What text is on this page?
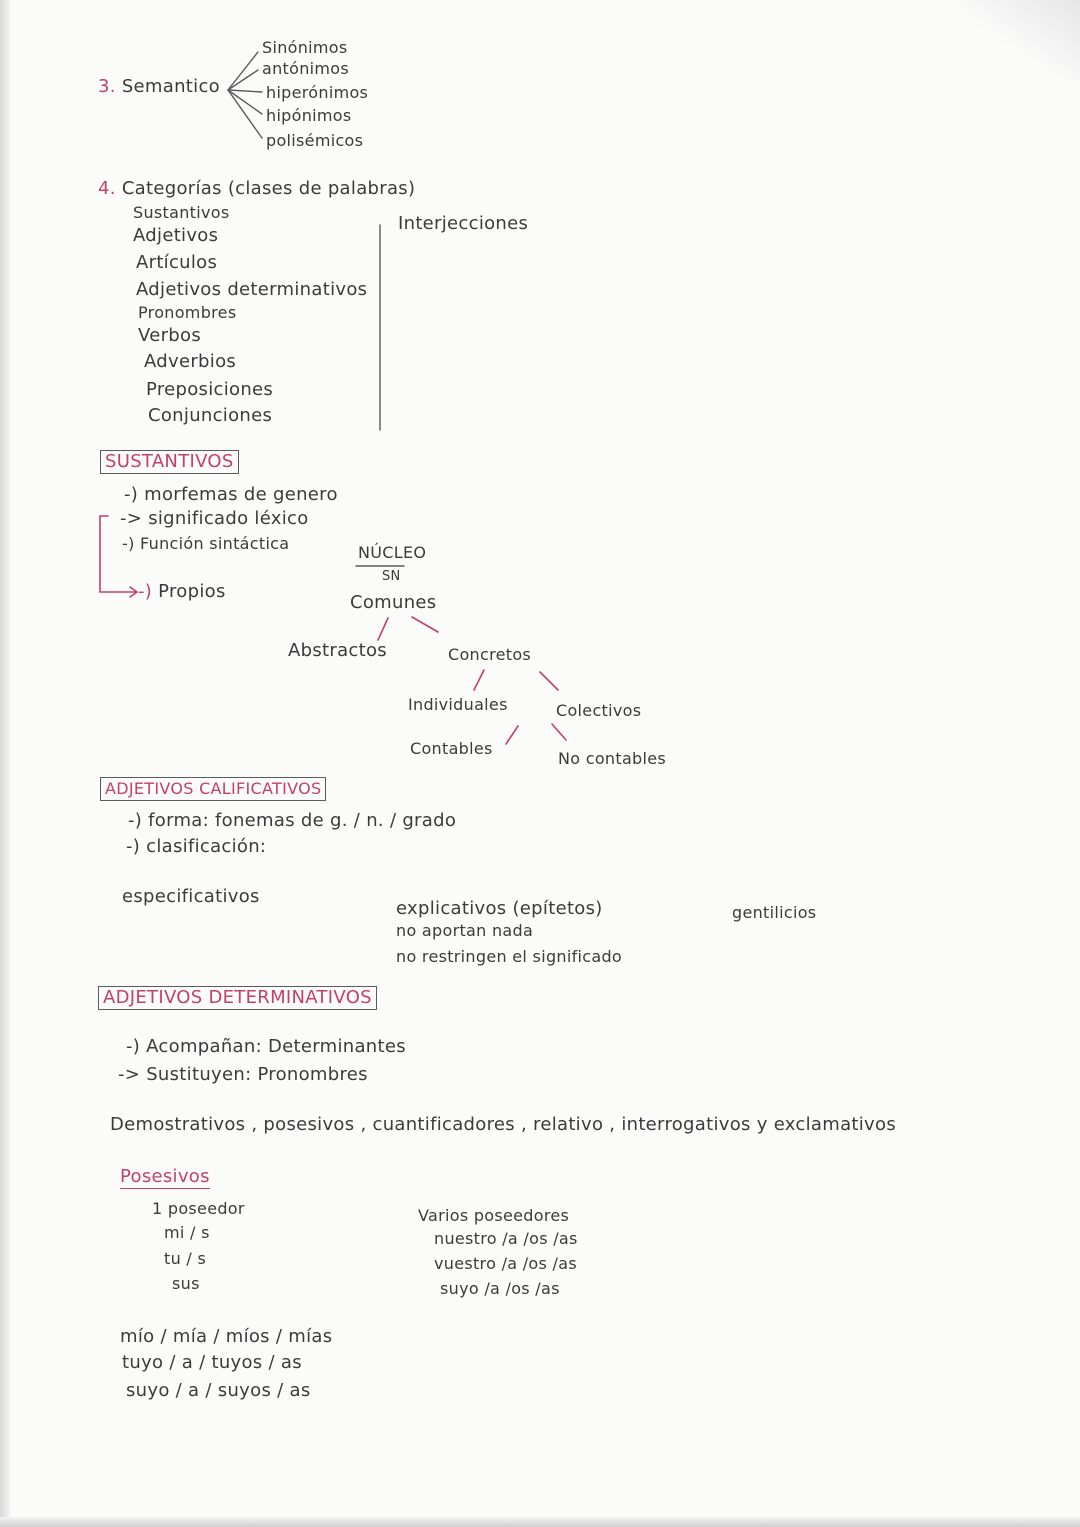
3. Semantico
Sinónimos
antónimos
hiperónimos
hipónimos
polisémicos
4. Categorías (clases de palabras)
Sustantivos
Adjetivos
Artículos
Adjetivos determinativos
Pronombres
Verbos
Adverbios
Preposiciones
Conjunciones
Interjecciones
SUSTANTIVOS
-) morfemas de genero
-> significado léxico
-) Función sintáctica	NÚCLEO
SN
-) Propios
Comunes
Abstractos	Concretos
Individuales	Colectivos
Contables
No contables
ADJETIVOS CALIFICATIVOS
-) forma: fonemas de g. / n. / grado
-) clasificación:
especificativos
explicativos (epítetos)
no aportan nada
no restringen el significado
gentilicios
ADJETIVOS DETERMINATIVOS
-) Acompañan: Determinantes
-> Sustituyen: Pronombres
Demostrativos , posesivos , cuantificadores , relativo , interrogativos y exclamativos
Posesivos
1 poseedor
mi / s
tu / s
sus
Varios poseedores
nuestro /a /os /as
vuestro /a /os /as
suyo /a /os /as
mío / mía / míos / mías
tuyo / a / tuyos / as
suyo / a / suyos / as
